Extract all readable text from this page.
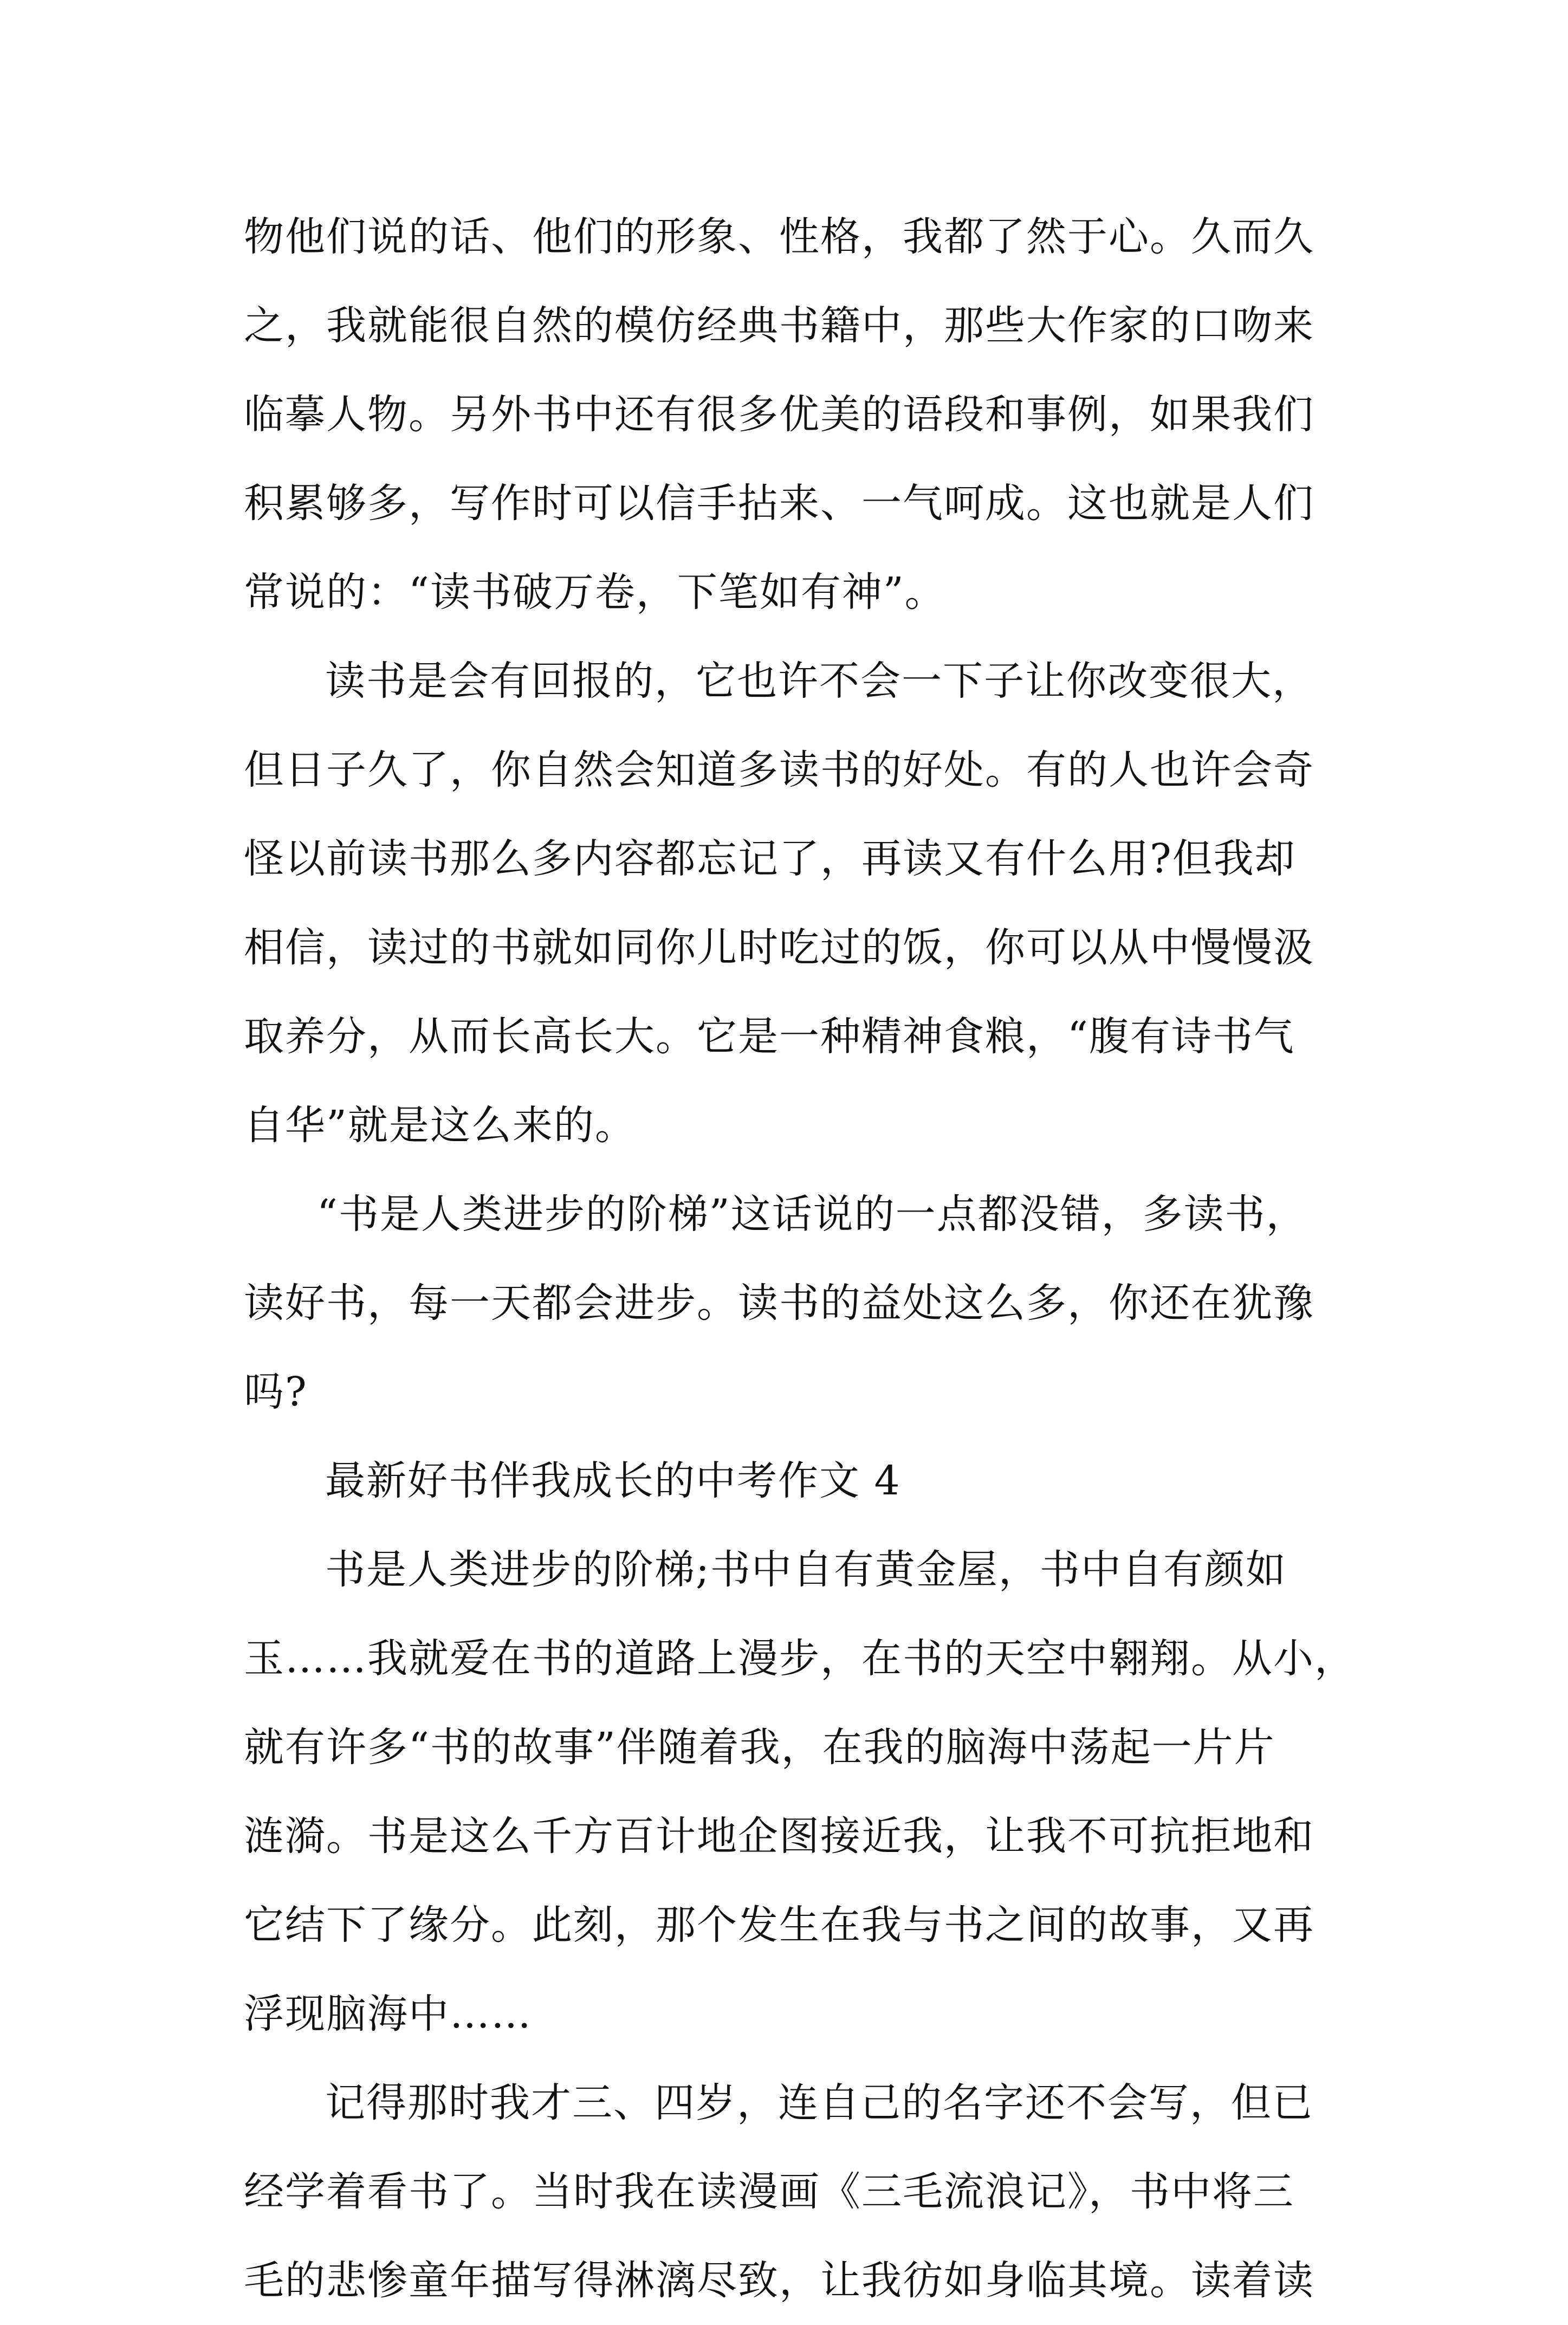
物他们说的话、他们的形象、性格，我都了然于心。久而久
之，我就能很自然的模仿经典书籍中，那些大作家的口吻来
临摹人物。另外书中还有很多优美的语段和事例，如果我们
积累够多，写作时可以信手拈来、一气呵成。这也就是人们
常说的：“读书破万卷，下笔如有神”。
读书是会有回报的，它也许不会一下子让你改变很大，
但日子久了，你自然会知道多读书的好处。有的人也许会奇
怪以前读书那么多内容都忘记了，再读又有什么用?但我却
相信，读过的书就如同你儿时吃过的饭，你可以从中慢慢汲
取养分，从而长高长大。它是一种精神食粮，“腹有诗书气
自华”就是这么来的。
“书是人类进步的阶梯”这话说的一点都没错，多读书，
读好书，每一天都会进步。读书的益处这么多，你还在犹豫
吗?
最新好书伴我成长的中考作文 4
书是人类进步的阶梯;书中自有黄金屋，书中自有颜如
玉……我就爱在书的道路上漫步，在书的天空中翱翔。从小，
就有许多“书的故事”伴随着我，在我的脑海中荡起一片片
涟漪。书是这么千方百计地企图接近我，让我不可抗拒地和
它结下了缘分。此刻，那个发生在我与书之间的故事，又再
浮现脑海中……
记得那时我才三、四岁，连自己的名字还不会写，但已
经学着看书了。当时我在读漫画《三毛流浪记》，书中将三
毛的悲惨童年描写得淋漓尽致，让我彷如身临其境。读着读
